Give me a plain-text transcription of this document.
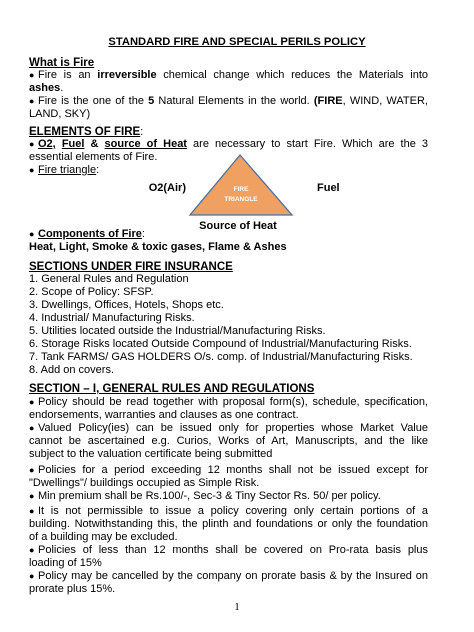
STANDARD FIRE AND SPECIAL PERILS POLICY
What is Fire
● Fire is an irreversible chemical change which reduces the Materials into
ashes.
● Fire is the one of the 5 Natural Elements in the world. (FIRE, WIND, WATER,
LAND, SKY)
ELEMENTS OF FIRE:
● O2, Fuel & source of Heat are necessary to start Fire. Which are the 3
essential elements of Fire.
● Fire triangle:
FIRE
TRIANGLE
O2(Air)	Fuel
Source of Heat
● Components of Fire:
Heat, Light, Smoke & toxic gases, Flame & Ashes
SECTIONS UNDER FIRE INSURANCE
1. General Rules and Regulation
2. Scope of Policy: SFSP.
3. Dwellings, Offices, Hotels, Shops etc.
4. Industrial/ Manufacturing Risks.
5. Utilities located outside the Industrial/Manufacturing Risks.
6. Storage Risks located Outside Compound of Industrial/Manufacturing Risks.
7. Tank FARMS/ GAS HOLDERS O/s. comp. of Industrial/Manufacturing Risks.
8. Add on covers.
SECTION – I, GENERAL RULES AND REGULATIONS
● Policy should be read together with proposal form(s), schedule, specification,
endorsements, warranties and clauses as one contract.
● Valued Policy(ies) can be issued only for properties whose Market Value
cannot be ascertained e.g. Curios, Works of Art, Manuscripts, and the like
subject to the valuation certificate being submitted
● Policies for a period exceeding 12 months shall not be issued except for
"Dwellings"/ buildings occupied as Simple Risk.
● Min premium shall be Rs.100/-, Sec-3 & Tiny Sector Rs. 50/ per policy.
● It is not permissible to issue a policy covering only certain portions of a
building. Notwithstanding this, the plinth and foundations or only the foundation
of a building may be excluded.
● Policies of less than 12 months shall be covered on Pro-rata basis plus
loading of 15%
● Policy may be cancelled by the company on prorate basis & by the Insured on
prorate plus 15%.
1
